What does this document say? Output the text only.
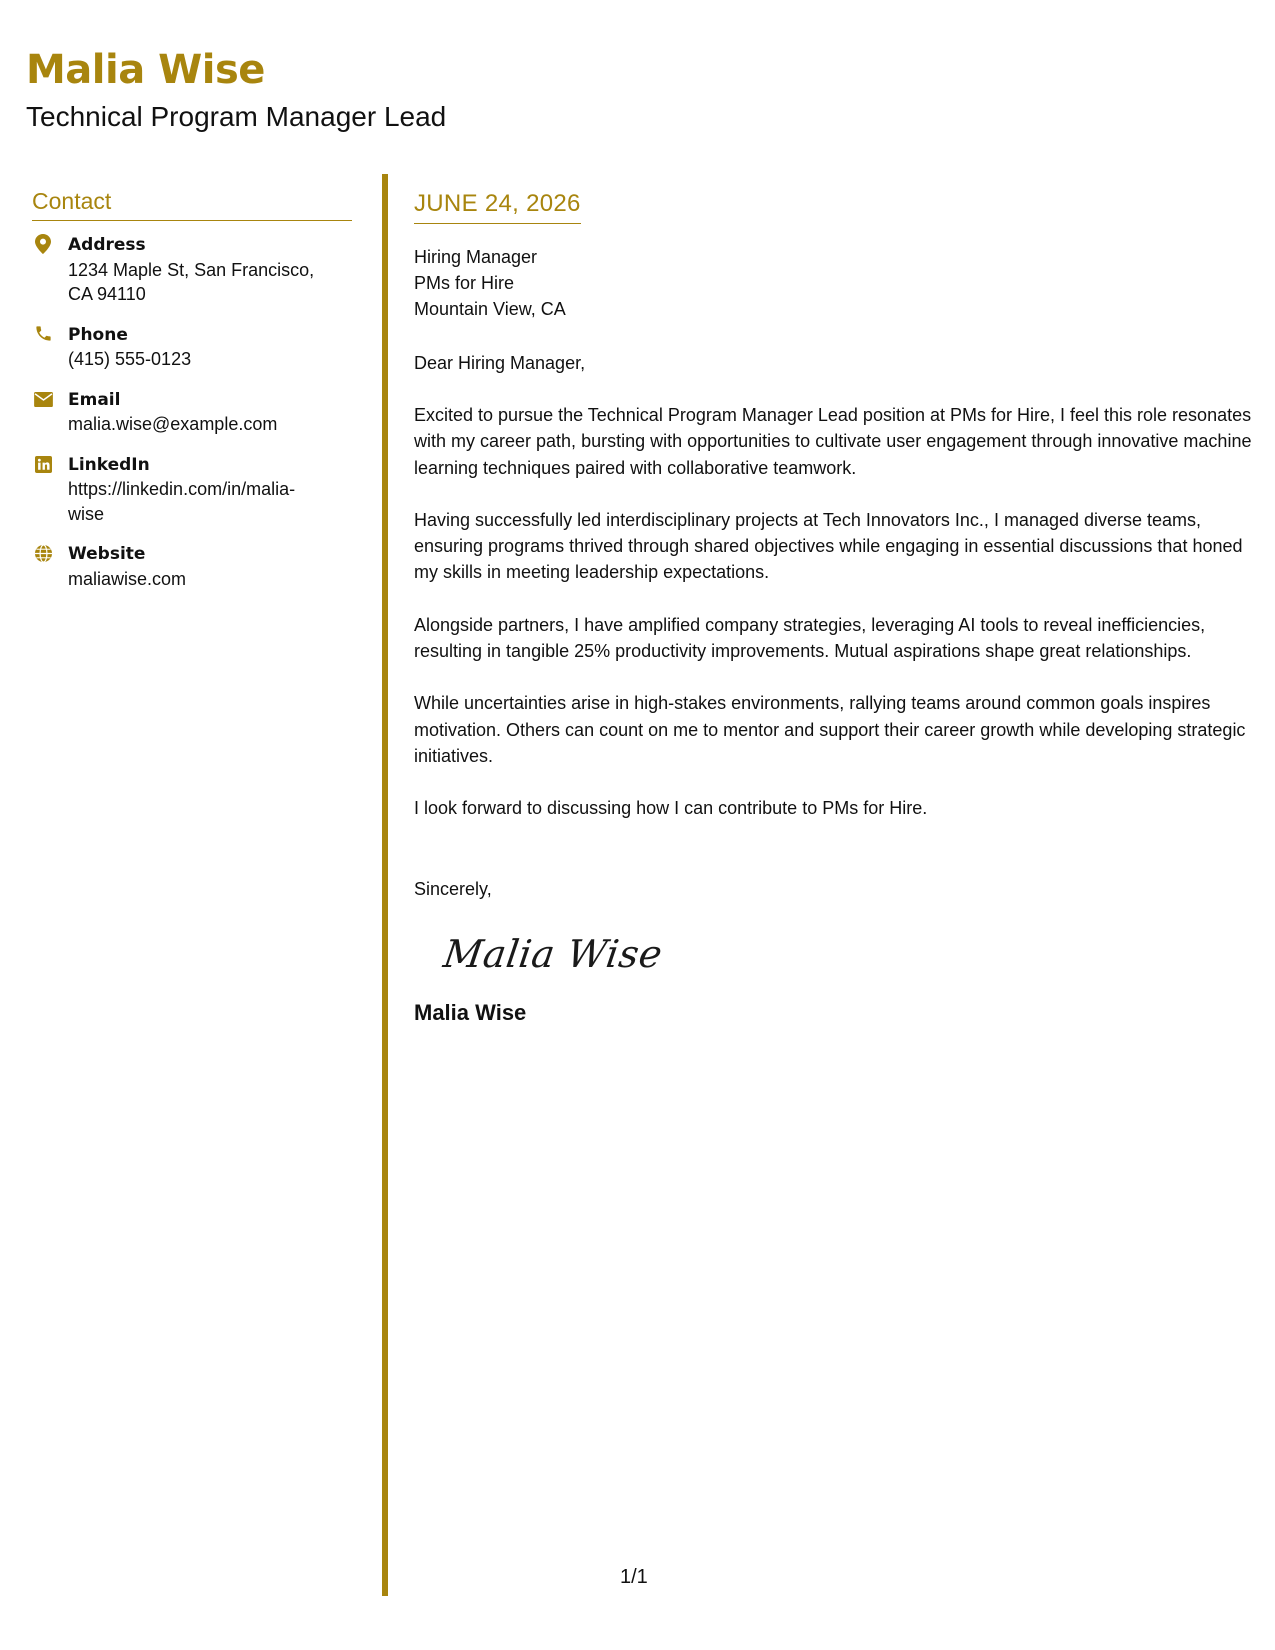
Malia Wise
Technical Program Manager Lead
Contact
Address
1234 Maple St, San Francisco, CA 94110
Phone
(415) 555-0123
Email
malia.wise@example.com
LinkedIn
https://linkedin.com/in/malia-wise
Website
maliawise.com
JUNE 24, 2026
Hiring Manager
PMs for Hire
Mountain View, CA
Dear Hiring Manager,

Excited to pursue the Technical Program Manager Lead position at PMs for Hire, I feel this role resonates with my career path, bursting with opportunities to cultivate user engagement through innovative machine learning techniques paired with collaborative teamwork.

Having successfully led interdisciplinary projects at Tech Innovators Inc., I managed diverse teams, ensuring programs thrived through shared objectives while engaging in essential discussions that honed my skills in meeting leadership expectations.

Alongside partners, I have amplified company strategies, leveraging AI tools to reveal inefficiencies, resulting in tangible 25% productivity improvements. Mutual aspirations shape great relationships.

While uncertainties arise in high-stakes environments, rallying teams around common goals inspires motivation. Others can count on me to mentor and support their career growth while developing strategic initiatives.

I look forward to discussing how I can contribute to PMs for Hire.

Sincerely,
Malia Wise
Malia Wise
1/1
